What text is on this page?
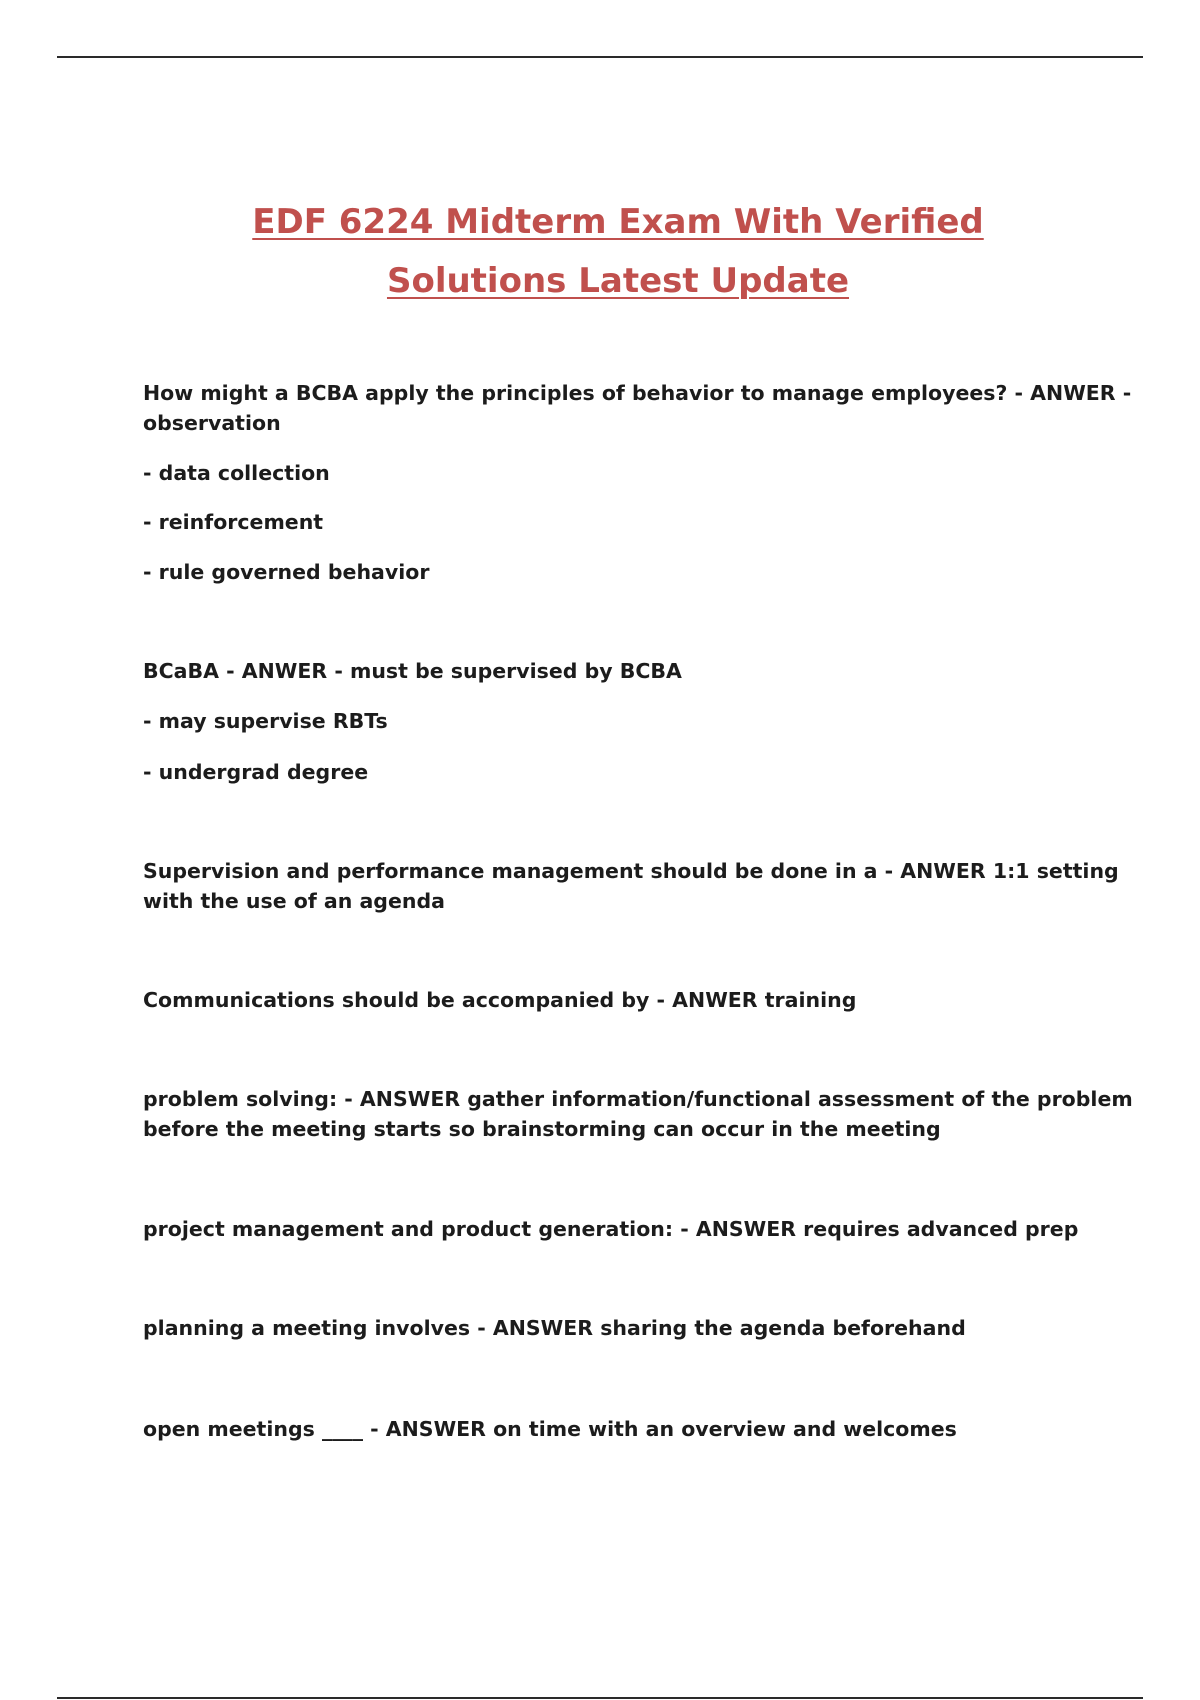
EDF 6224 Midterm Exam With Verified
Solutions Latest Update

How might a BCBA apply the principles of behavior to manage employees? - ANWER -

observation

- data collection

- reinforcement

- rule governed behavior

BCaBA - ANWER - must be supervised by BCBA

- may supervise RBTs

- undergrad degree

Supervision and performance management should be done in a - ANWER 1:1 setting

with the use of an agenda

Communications should be accompanied by - ANWER training

problem solving: - ANSWER gather information/functional assessment of the problem

before the meeting starts so brainstorming can occur in the meeting

project management and product generation: - ANSWER requires advanced prep

planning a meeting involves - ANSWER sharing the agenda beforehand

open meetings ____ - ANSWER on time with an overview and welcomes
